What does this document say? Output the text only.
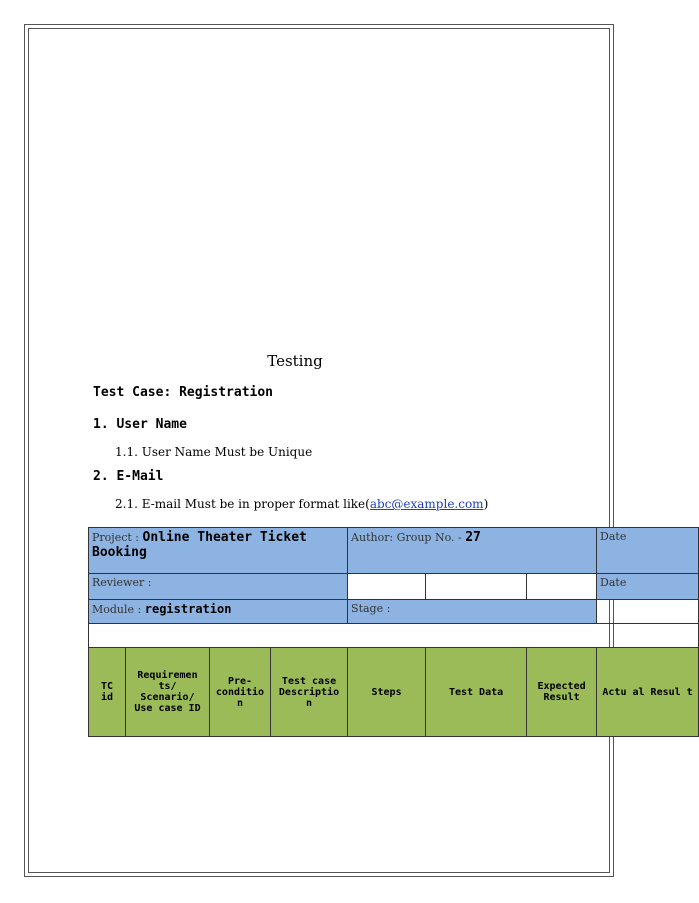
Testing
Test Case: Registration
1. User Name
1.1. User Name Must be Unique
2. E-Mail
2.1. E-mail Must be in proper format like(abc@example.com)
Project : Online Theater Ticket Booking				Author: Group No. - 27			Date
Reviewer :							Date
Module : registration				Stage :			

TC id	Requiremen ts/ Scenario/ Use case ID	Pre-conditio n	Test case Descriptio n	Steps	Test Data	Expected Result	Actu al Resul t
